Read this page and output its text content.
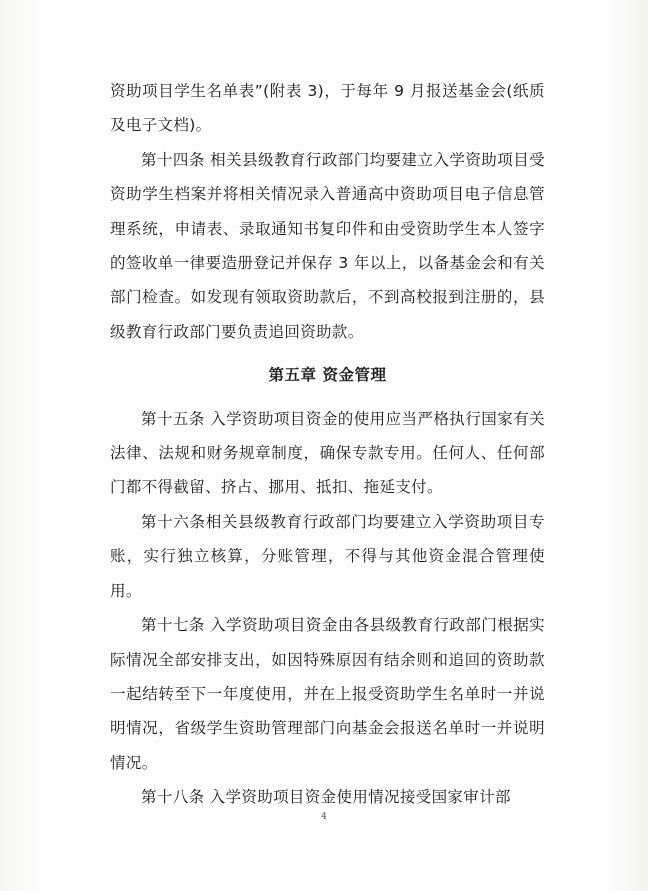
资助项目学生名单表”(附表 3)，于每年 9 月报送基金会(纸质及电子文档)。

第十四条 相关县级教育行政部门均要建立入学资助项目受资助学生档案并将相关情况录入普通高中资助项目电子信息管理系统，申请表、录取通知书复印件和由受资助学生本人签字的签收单一律要造册登记并保存 3 年以上，以备基金会和有关部门检查。如发现有领取资助款后，不到高校报到注册的，县级教育行政部门要负责追回资助款。

第五章 资金管理

第十五条 入学资助项目资金的使用应当严格执行国家有关法律、法规和财务规章制度，确保专款专用。任何人、任何部门都不得截留、挤占、挪用、抵扣、拖延支付。

第十六条相关县级教育行政部门均要建立入学资助项目专账，实行独立核算，分账管理，不得与其他资金混合管理使用。

第十七条 入学资助项目资金由各县级教育行政部门根据实际情况全部安排支出，如因特殊原因有结余则和追回的资助款一起结转至下一年度使用，并在上报受资助学生名单时一并说明情况，省级学生资助管理部门向基金会报送名单时一并说明情况。

第十八条 入学资助项目资金使用情况接受国家审计部

4
